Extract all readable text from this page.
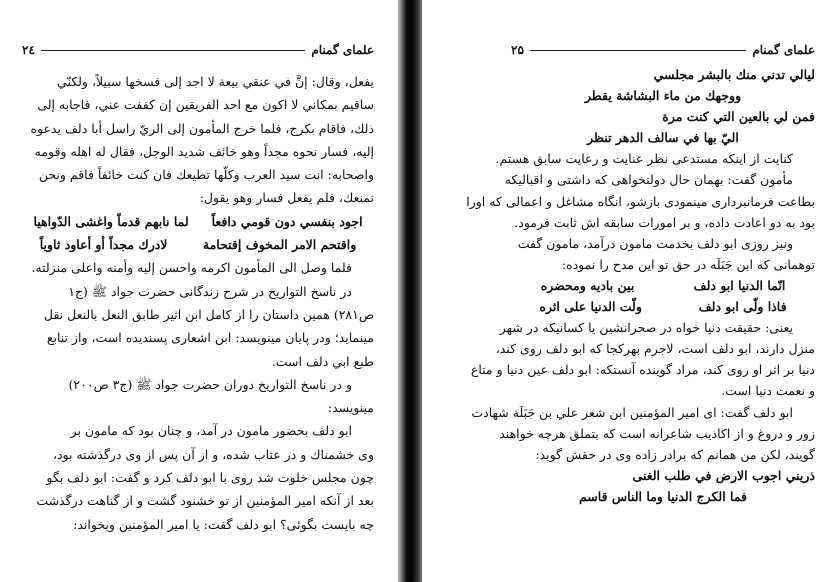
علمای گمنام
۲٤
يفعل، وقال: إنَّ في عنقي بيعة لا اجد إلى فسخها سبيلاً، ولكنّي
ساقيم بمكاني لا اكون مع احد الفريقين إن كففت عني، فاجابه إلى
ذلك، فاقام بكرج، فلما خرج المأمون إلى الريّ راسل أبا دلف يدعوه
إليه، فسار نحوه مجداً وهو خائف شديد الوجل، فقال له اهله وقومه
واصحابه: انت سيد العرب وكلّها تطيعك فان كنت خائفاً فاقم ونحن
نمنعك، فلم يفعل فسار وهو يقول:
اجود بنفسي دون قومي دافعاً
لما نابهم قدماً واغشى الدّواهيا
واقتحم الامر المخوف إقتحامة
لادرك مجداً أو أعاود ثاوياً
فلما وصل الى المأمون اكرمه واحسن إليه وأمنه واعلى منزلته.
در ناسخ التواريخ در شرح زندگانى حضرت جواد ﷺ (ج۱
ص۲۸۱) همين داستان را از كامل ابن اثير طابق النعل بالنعل نقل
مینماید؛ ودر پايان مينويسد: ابن اشعارى پسنديده است، واز تنابع
طبع ابي دلف است.
و در ناسخ التواريخ دوران حضرت جواد ﷺ (ج۳ ص۲۰۰)
مينويسد:
ابو دلف بحضور مامون در آمد، و چنان بود كه مامون بر
وى خشمناك و در عتاب شده، و از آن پس از وى درگذشته بود،
چون مجلس خلوت شد روى با ابو دلف كرد و گفت: ابو دلف بگو
بعد از آنكه امير المؤمنين از تو خشنود گشت و از گناهت درگذشت
چه بايست بگوئى؟ ابو دلف گفت: يا امير المؤمنين وبخواند:
علمای گمنام
۲۵
ليالي تدني منك بالبشر مجلسي
ووجهك من ماء البشاشة يقطر
فمن لي بالعين التي كنت مرة
اليّ بها في سالف الدهر تنظر
كنايت از اينكه مستدعى نظر عنايت و رعايت سابق هستم.
مأمون گفت: بهمان حال دولتخواهى كه داشتى و اقباليكه
بطاعت فرمانبردارى مينمودى بازشو، انگاه مشاغل و اعمالى كه اورا
بود به دو اعادت داده، و بر امورات سابقه اش ثابت فرمود.
ونيز روزى ابو دلف بخدمت مامون درآمد، مامون گفت
توهمانى كه ابن جَبَلَه در حق تو اين مدح را نموده:
انّما الدنيا ابو دلف
بين باديه ومحضره
فاذا ولّى ابو دلف
ولّت الدنيا على اثره
يعنى: حقيقت دنيا خواه در صحرانشين يا كسانيكه در شهر
منزل دارند، ابو دلف است، لاجرم بهركجا كه ابو دلف روى كند،
دنيا بر اثر او روى كند، مراد گوينده آنستكه: ابو دلف عين دنيا و متاع
و نعمت دنيا است.
ابو دلف گفت: اى امير المؤمنين ابن شعر علي بن جَبَلَة شهادت
زور و دروغ و از اكاذيب شاعرانه است كه بتملق هرچه خواهند
گويند، لكن من همانم كه برادر زاده وى در حقش گويد:
ذريني اجوب الارض في طلب الغنى
فما الكرج الدنيا وما الناس قاسم
